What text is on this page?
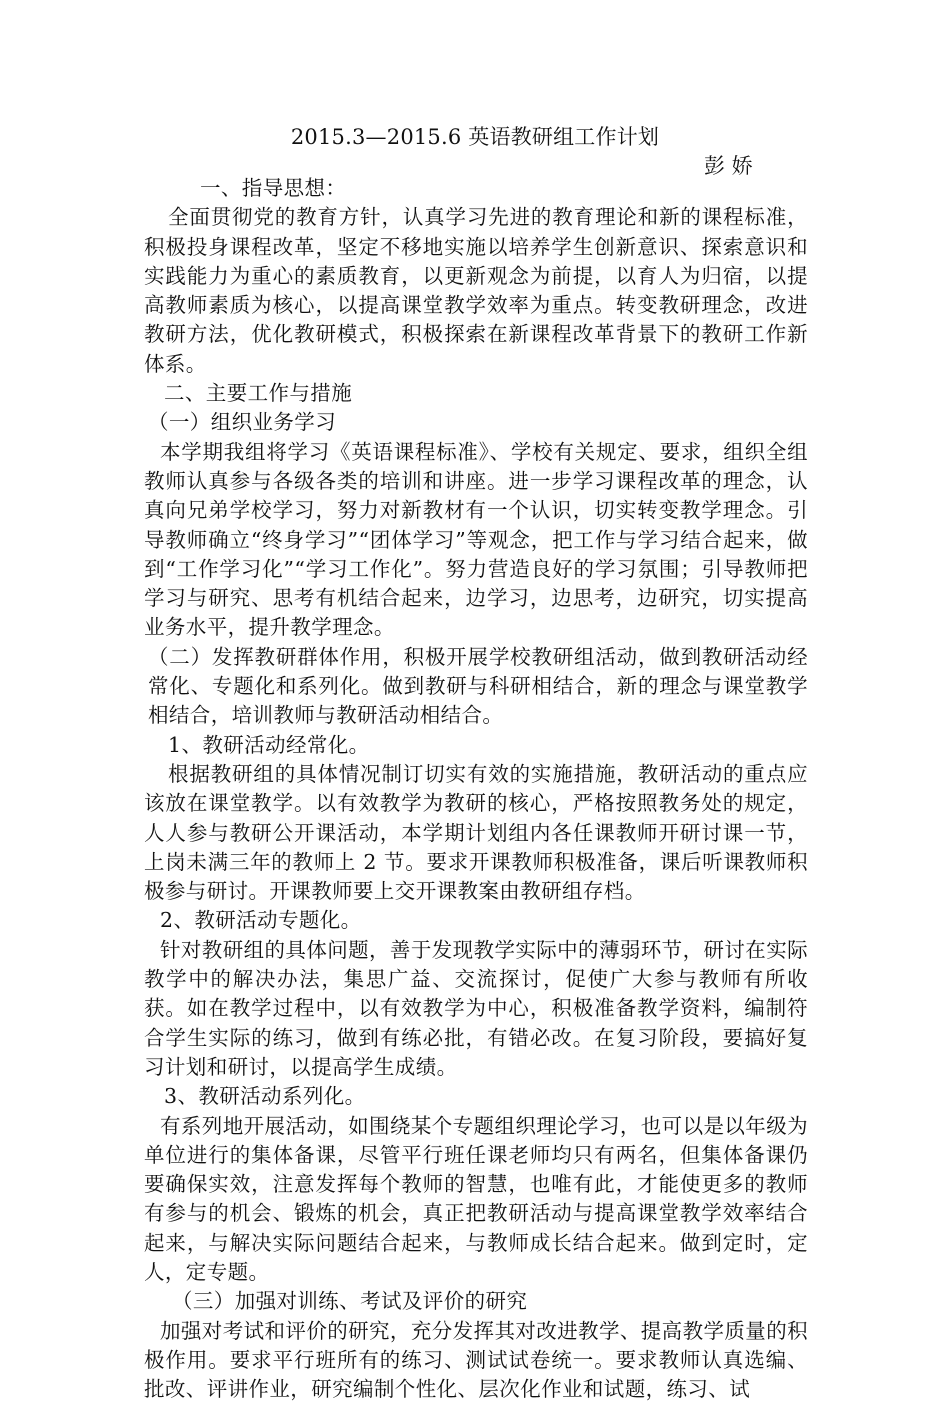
2015.3—2015.6 英语教研组工作计划
彭 娇

一、指导思想：

全面贯彻党的教育方针，认真学习先进的教育理论和新的课程标准，积极投身课程改革，坚定不移地实施以培养学生创新意识、探索意识和实践能力为重心的素质教育，以更新观念为前提，以育人为归宿，以提高教师素质为核心，以提高课堂教学效率为重点。转变教研理念，改进教研方法，优化教研模式，积极探索在新课程改革背景下的教研工作新体系。

二、主要工作与措施

（一）组织业务学习

本学期我组将学习《英语课程标准》、学校有关规定、要求，组织全组教师认真参与各级各类的培训和讲座。进一步学习课程改革的理念，认真向兄弟学校学习，努力对新教材有一个认识，切实转变教学理念。引导教师确立“终身学习”“团体学习”等观念，把工作与学习结合起来，做到“工作学习化”“学习工作化”。努力营造良好的学习氛围；引导教师把学习与研究、思考有机结合起来，边学习，边思考，边研究，切实提高业务水平，提升教学理念。

（二）发挥教研群体作用，积极开展学校教研组活动，做到教研活动经常化、专题化和系列化。做到教研与科研相结合，新的理念与课堂教学相结合，培训教师与教研活动相结合。

1、教研活动经常化。

根据教研组的具体情况制订切实有效的实施措施，教研活动的重点应该放在课堂教学。以有效教学为教研的核心，严格按照教务处的规定，人人参与教研公开课活动，本学期计划组内各任课教师开研讨课一节，上岗未满三年的教师上 2 节。要求开课教师积极准备，课后听课教师积极参与研讨。开课教师要上交开课教案由教研组存档。

2、教研活动专题化。

针对教研组的具体问题，善于发现教学实际中的薄弱环节，研讨在实际教学中的解决办法，集思广益、交流探讨，促使广大参与教师有所收获。如在教学过程中，以有效教学为中心，积极准备教学资料，编制符合学生实际的练习，做到有练必批，有错必改。在复习阶段，要搞好复习计划和研讨，以提高学生成绩。

3、教研活动系列化。

有系列地开展活动，如围绕某个专题组织理论学习，也可以是以年级为单位进行的集体备课，尽管平行班任课老师均只有两名，但集体备课仍要确保实效，注意发挥每个教师的智慧，也唯有此，才能使更多的教师有参与的机会、锻炼的机会，真正把教研活动与提高课堂教学效率结合起来，与解决实际问题结合起来，与教师成长结合起来。做到定时，定人，定专题。

（三）加强对训练、考试及评价的研究

加强对考试和评价的研究，充分发挥其对改进教学、提高教学质量的积极作用。要求平行班所有的练习、测试试卷统一。要求教师认真选编、批改、评讲作业，研究编制个性化、层次化作业和试题，练习、试
